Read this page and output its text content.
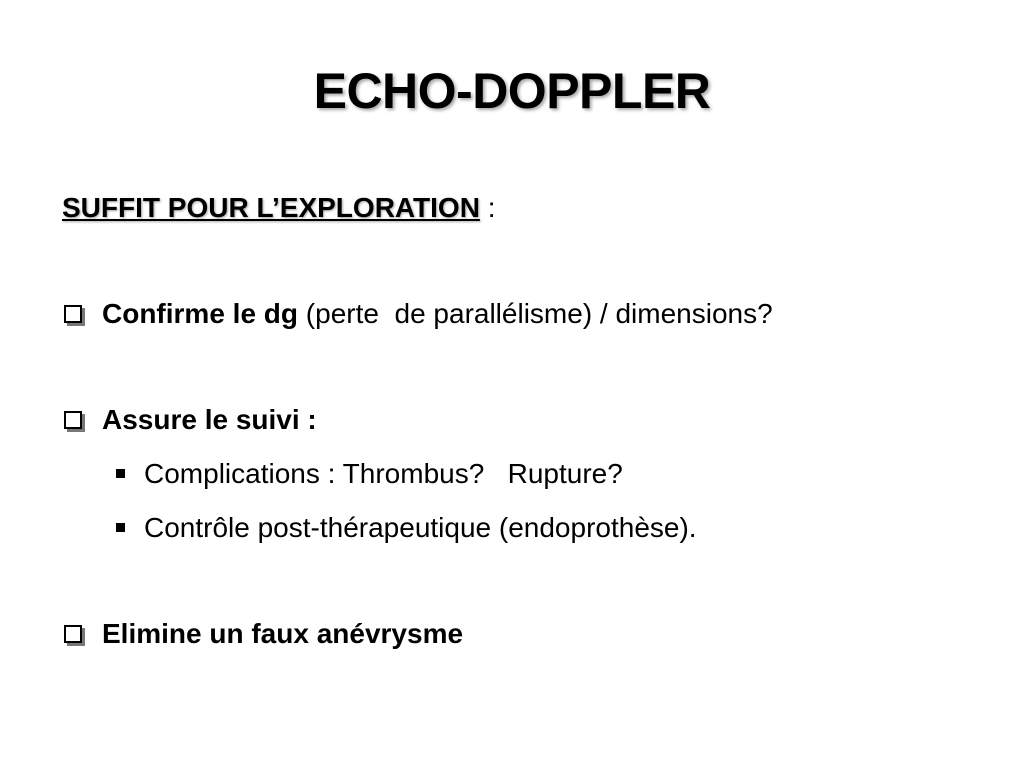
ECHO-DOPPLER
SUFFIT POUR L’EXPLORATION :
Confirme le dg (perte  de parallélisme) / dimensions?
Assure le suivi :
Complications : Thrombus?   Rupture?
Contrôle post-thérapeutique (endoprothèse).
Elimine un faux anévrysme
